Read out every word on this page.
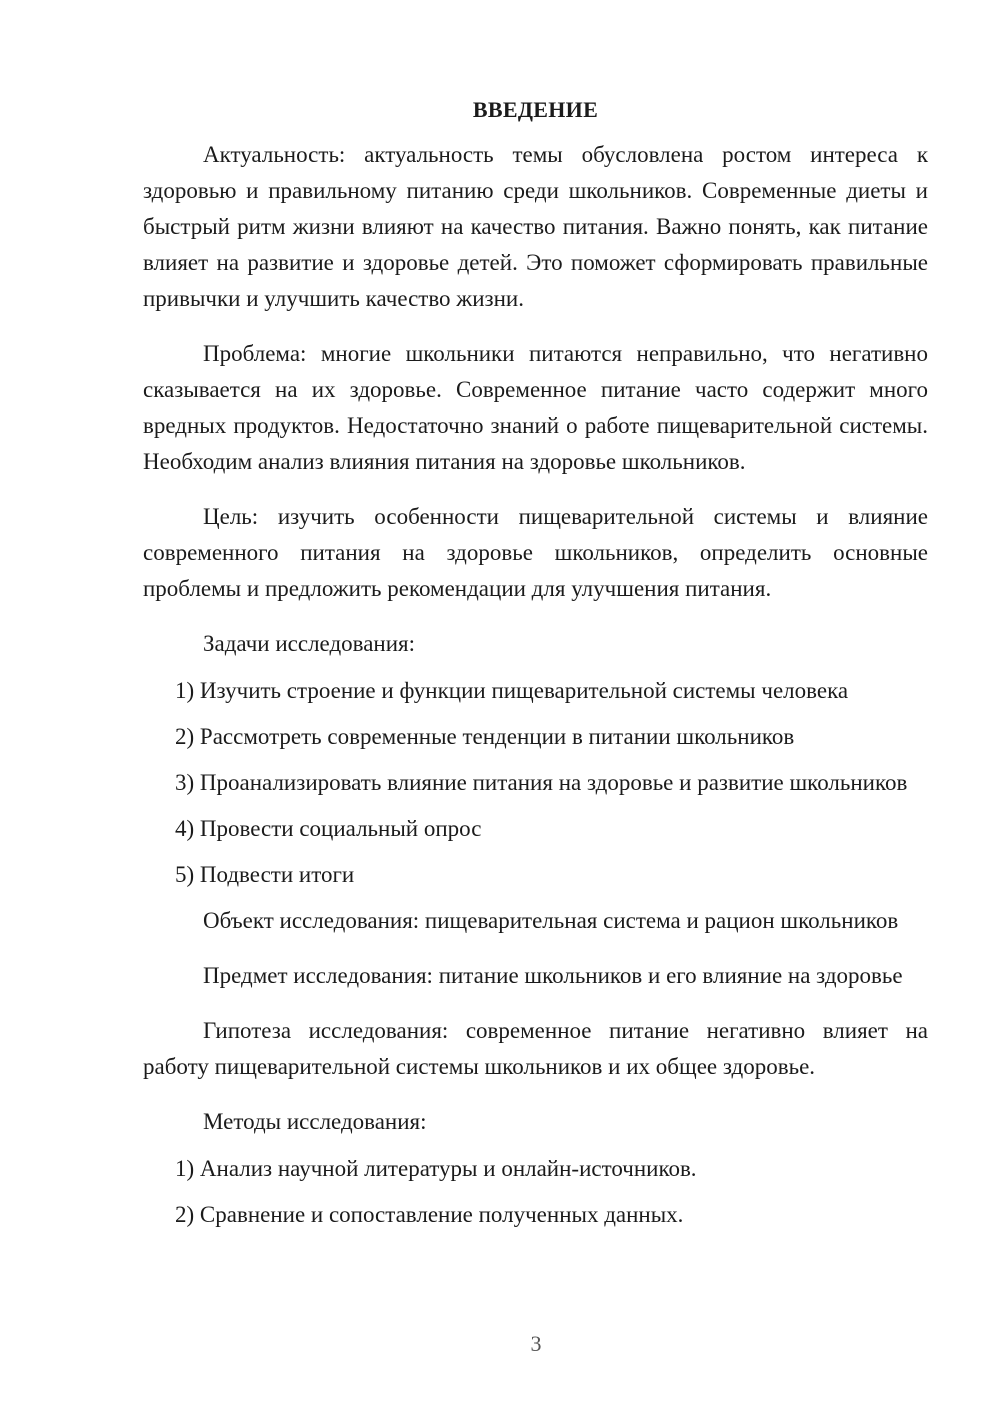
ВВЕДЕНИЕ

Актуальность: актуальность темы обусловлена ростом интереса к здоровью и правильному питанию среди школьников. Современные диеты и быстрый ритм жизни влияют на качество питания. Важно понять, как питание влияет на развитие и здоровье детей. Это поможет сформировать правильные привычки и улучшить качество жизни.

Проблема: многие школьники питаются неправильно, что негативно сказывается на их здоровье. Современное питание часто содержит много вредных продуктов. Недостаточно знаний о работе пищеварительной системы. Необходим анализ влияния питания на здоровье школьников.

Цель: изучить особенности пищеварительной системы и влияние современного питания на здоровье школьников, определить основные проблемы и предложить рекомендации для улучшения питания.

Задачи исследования:

1) Изучить строение и функции пищеварительной системы человека

2) Рассмотреть современные тенденции в питании школьников

3) Проанализировать влияние питания на здоровье и развитие школьников

4) Провести социальный опрос

5) Подвести итоги

Объект исследования: пищеварительная система и рацион школьников

Предмет исследования: питание школьников и его влияние на здоровье

Гипотеза исследования: современное питание негативно влияет на работу пищеварительной системы школьников и их общее здоровье.

Методы исследования:

1) Анализ научной литературы и онлайн-источников.

2) Сравнение и сопоставление полученных данных.

3
